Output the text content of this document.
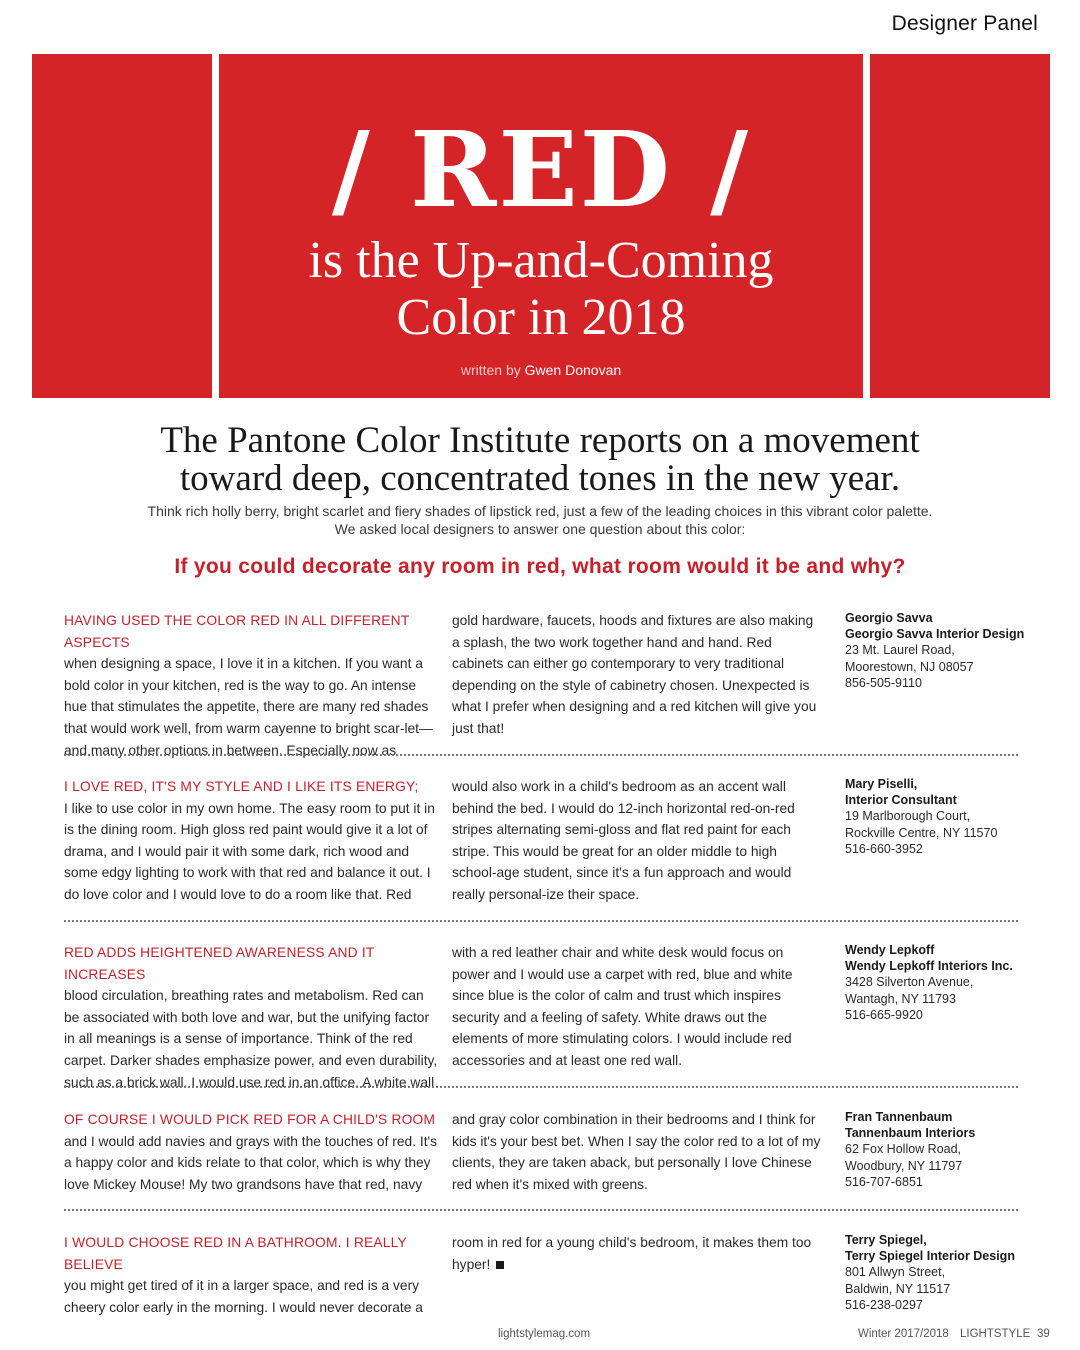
Designer Panel
/ RED /
is the Up-and-Coming
Color in 2018
written by Gwen Donovan
The Pantone Color Institute reports on a movement
toward deep, concentrated tones in the new year.
Think rich holly berry, bright scarlet and fiery shades of lipstick red, just a few of the leading choices in this vibrant color palette.
We asked local designers to answer one question about this color:
If you could decorate any room in red, what room would it be and why?
HAVING USED THE COLOR RED IN ALL DIFFERENT ASPECTS
when designing a space, I love it in a kitchen. If you want a bold color in your kitchen, red is the way to go. An intense hue that stimulates the appetite, there are many red shades that would work well, from warm cayenne to bright scar-let—and many other options in between. Especially now as
gold hardware, faucets, hoods and fixtures are also making a splash, the two work together hand and hand. Red cabinets can either go contemporary to very traditional depending on the style of cabinetry chosen. Unexpected is what I prefer when designing and a red kitchen will give you just that!
Georgio Savva
Georgio Savva Interior Design
23 Mt. Laurel Road,
Moorestown, NJ 08057
856-505-9110
I LOVE RED, IT'S MY STYLE AND I LIKE ITS ENERGY;
I like to use color in my own home. The easy room to put it in is the dining room. High gloss red paint would give it a lot of drama, and I would pair it with some dark, rich wood and some edgy lighting to work with that red and balance it out. I do love color and I would love to do a room like that. Red
would also work in a child's bedroom as an accent wall behind the bed. I would do 12-inch horizontal red-on-red stripes alternating semi-gloss and flat red paint for each stripe. This would be great for an older middle to high school-age student, since it's a fun approach and would really personal-ize their space.
Mary Piselli,
Interior Consultant
19 Marlborough Court,
Rockville Centre, NY 11570
516-660-3952
RED ADDS HEIGHTENED AWARENESS AND IT INCREASES
blood circulation, breathing rates and metabolism. Red can be associated with both love and war, but the unifying factor in all meanings is a sense of importance. Think of the red carpet. Darker shades emphasize power, and even durability, such as a brick wall. I would use red in an office. A white wall
with a red leather chair and white desk would focus on power and I would use a carpet with red, blue and white since blue is the color of calm and trust which inspires security and a feeling of safety. White draws out the elements of more stimulating colors. I would include red accessories and at least one red wall.
Wendy Lepkoff
Wendy Lepkoff Interiors Inc.
3428 Silverton Avenue,
Wantagh, NY 11793
516-665-9920
OF COURSE I WOULD PICK RED FOR A CHILD'S ROOM
and I would add navies and grays with the touches of red. It's a happy color and kids relate to that color, which is why they love Mickey Mouse! My two grandsons have that red, navy
and gray color combination in their bedrooms and I think for kids it's your best bet. When I say the color red to a lot of my clients, they are taken aback, but personally I love Chinese red when it's mixed with greens.
Fran Tannenbaum
Tannenbaum Interiors
62 Fox Hollow Road,
Woodbury, NY 11797
516-707-6851
I WOULD CHOOSE RED IN A BATHROOM. I REALLY BELIEVE
you might get tired of it in a larger space, and red is a very cheery color early in the morning. I would never decorate a
room in red for a young child's bedroom, it makes them too hyper!
Terry Spiegel,
Terry Spiegel Interior Design
801 Allwyn Street,
Baldwin, NY 11517
516-238-0297
lightstylemag.com	Winter 2017/2018 LIGHTSTYLE 39
